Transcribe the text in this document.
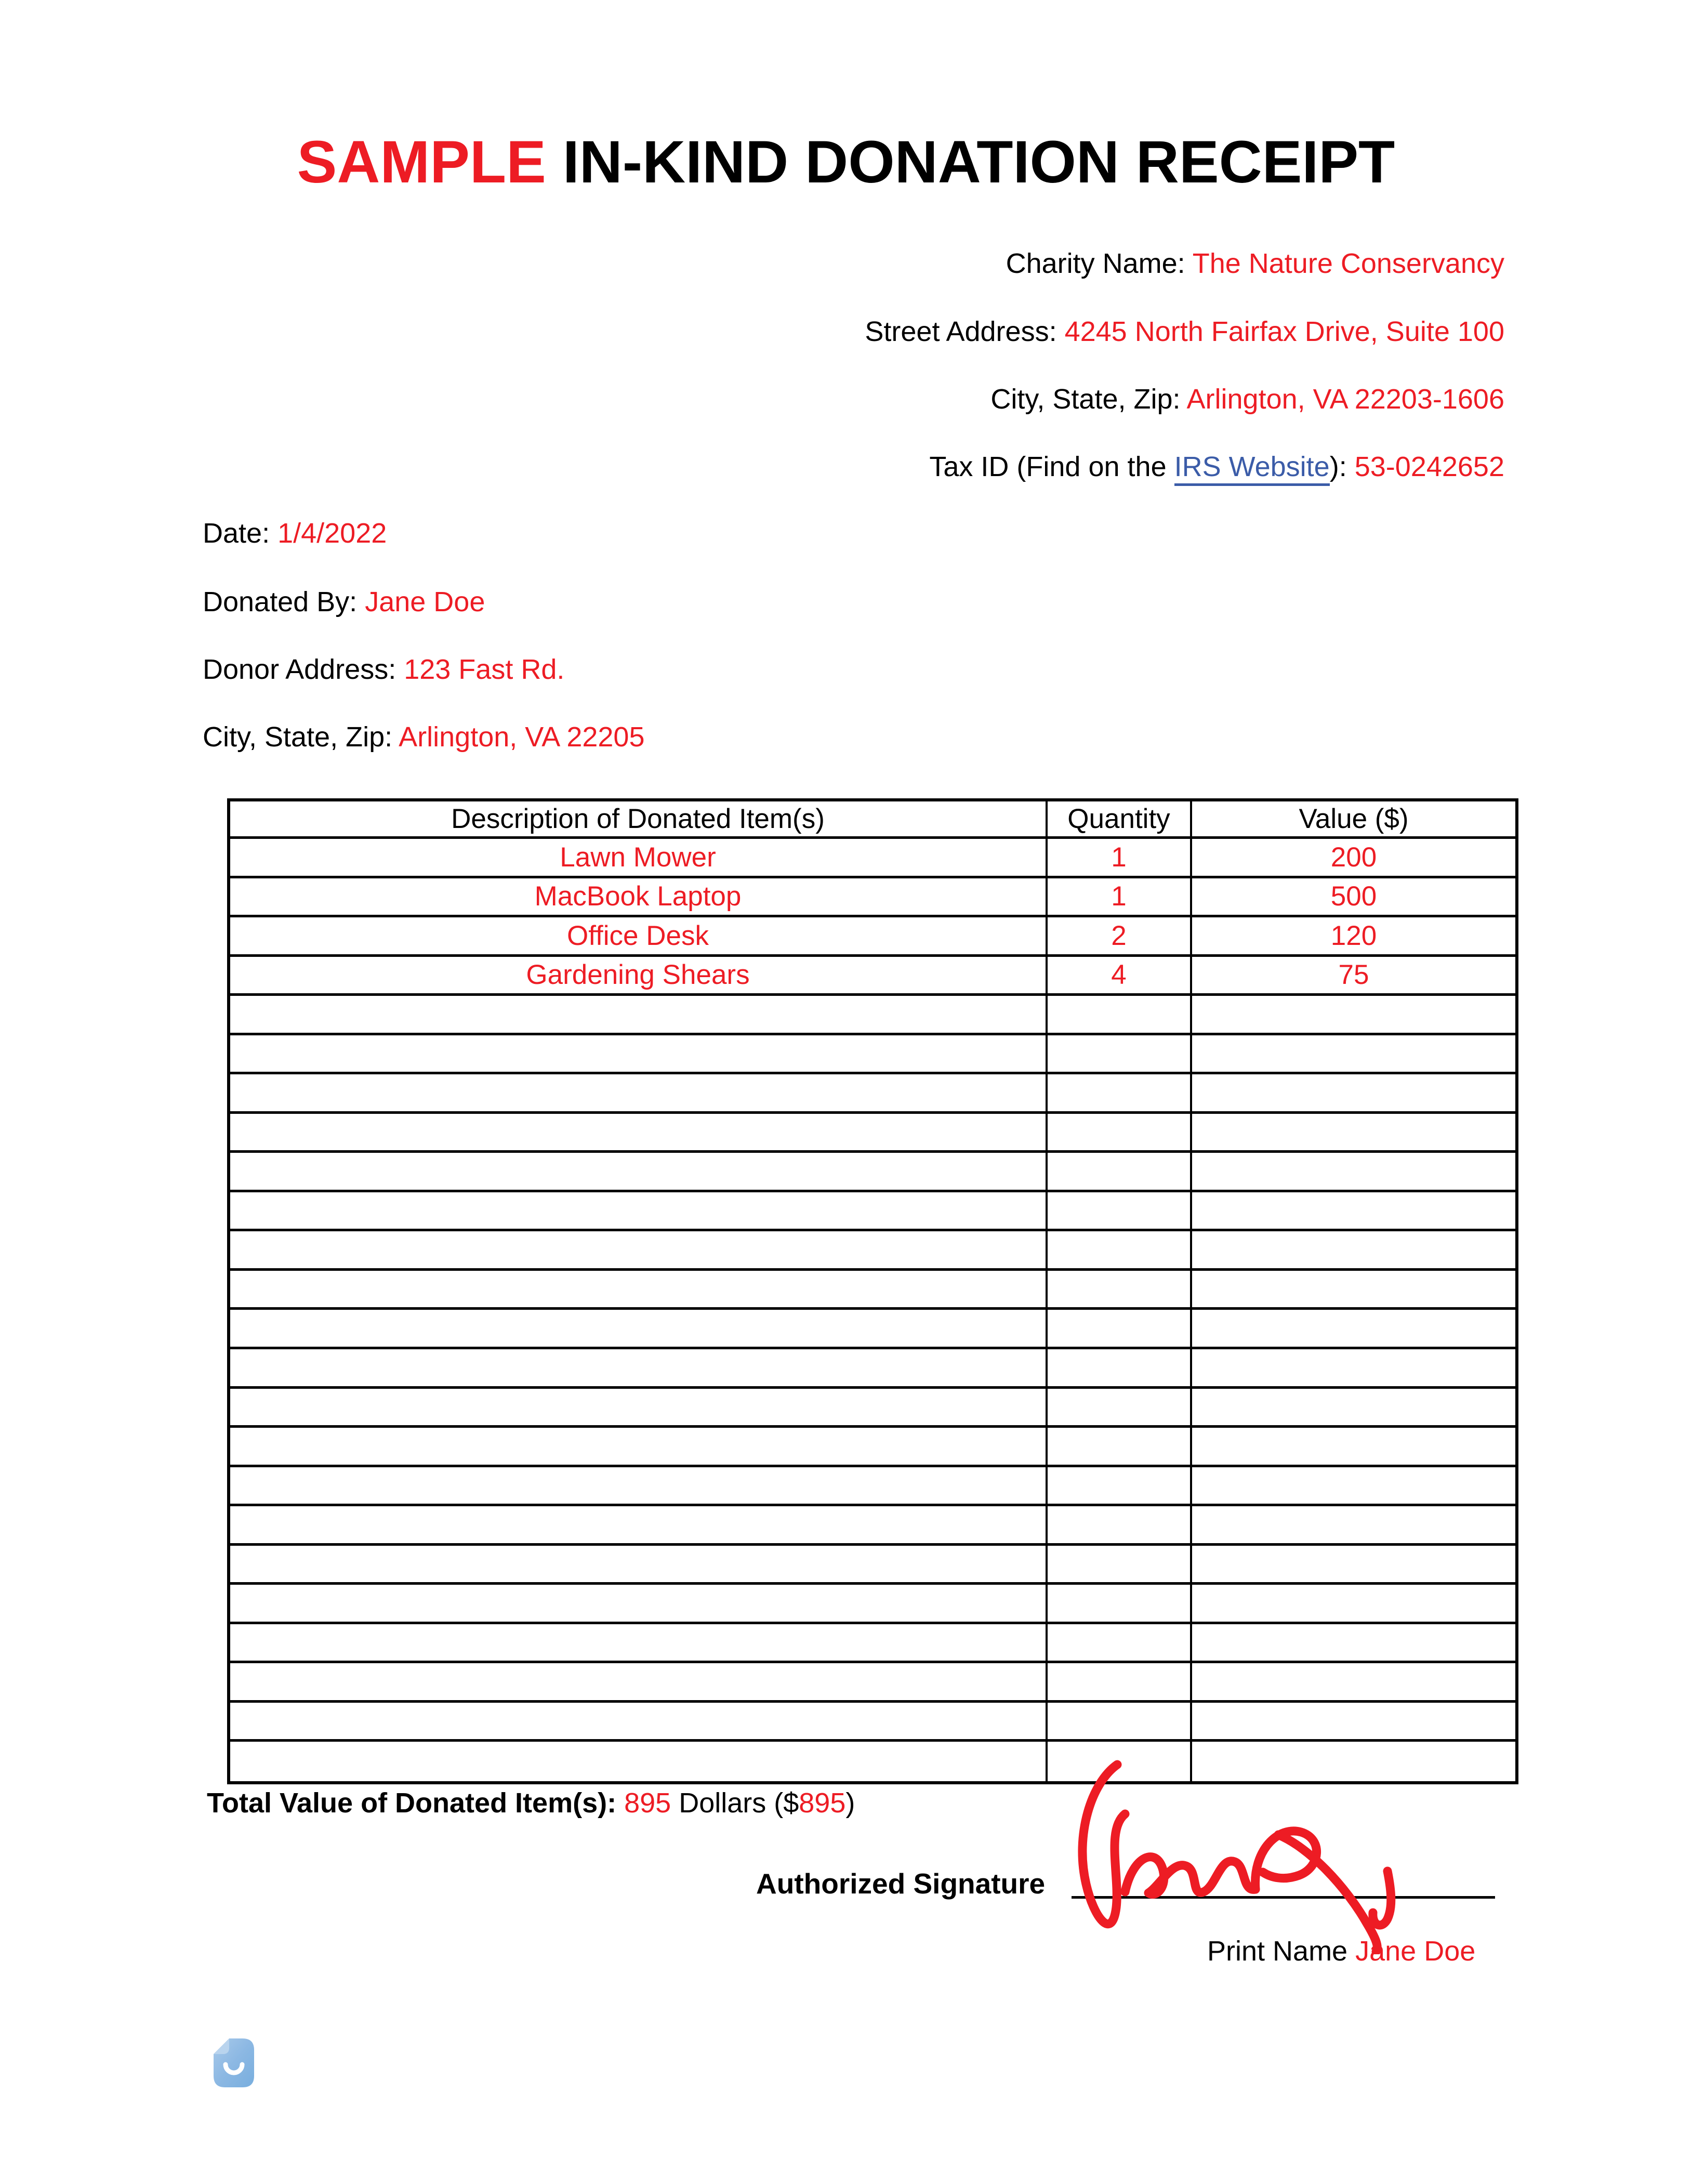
SAMPLE IN-KIND DONATION RECEIPT
Charity Name: The Nature Conservancy
Street Address: 4245 North Fairfax Drive, Suite 100
City, State, Zip: Arlington, VA 22203-1606
Tax ID (Find on the IRS Website): 53-0242652
Date: 1/4/2022
Donated By: Jane Doe
Donor Address: 123 Fast Rd.
City, State, Zip: Arlington, VA 22205
Description of Donated Item(s)	Quantity	Value ($)
Lawn Mower	1	200
MacBook Laptop	1	500
Office Desk	2	120
Gardening Shears	4	75
Total Value of Donated Item(s): 895 Dollars ($895)
Authorized Signature
Print Name Jane Doe
